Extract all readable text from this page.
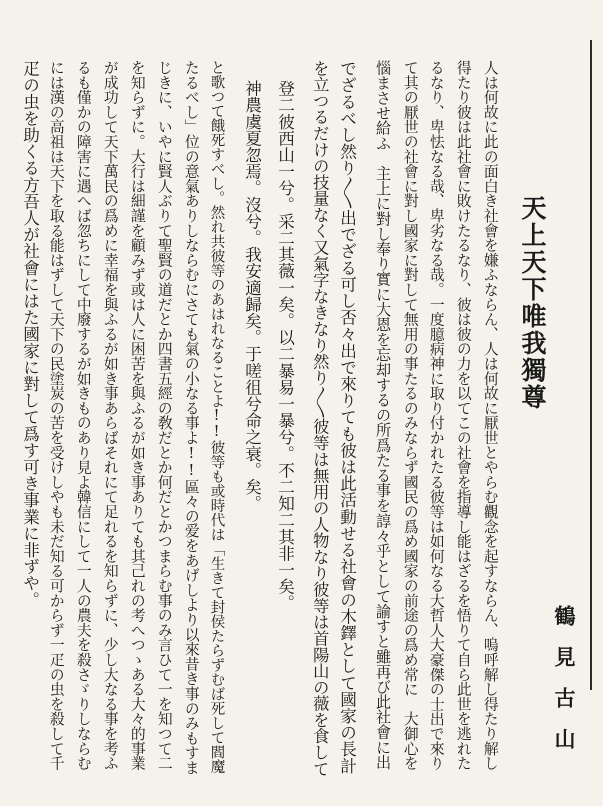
天上天下唯我獨尊
鶴見古山
人は何故に此の面白き社會を嫌ふならん、人は何故に厭世とやらむ觀念を起すならん、嗚呼解し得たり解し
得たり彼は此社會に敗けたるなり、彼は彼の力を以てこの社會を指導し能はざるを悟りて自ら此世を逃れた
るなり、卑怯なる哉、卑劣なる哉。一度臆病神に取り付かれたる彼等は如何なる大哲人大豪傑の士出で來り
て其の厭世の社會に對し國家に對して無用の事たるのみならず國民の爲め國家の前途の爲め常に　大御心を
惱まさせ給ふ　主上に對し奉り實に大恩を忘却するの所爲たる事を諄々乎として諭すと雖再び此社會に出
でざるべし然り〳〵出でざる可し否々出で來りても彼は此活動せる社會の木鐸として國家の長計
を立つるだけの技量なく又氣字なきなり然り〳〵彼等は無用の人物なり彼等は首陽山の薇を食して
登二彼西山一兮。采二其薇一矣。以二暴易一暴兮。不二知二其非一矣。
神農虞夏忽焉。沒兮。我安適歸矣。于嗟徂兮命之衰。矣。
と歌つて餓死すべし。然れ共彼等のあはれなることよ!!彼等も或時代は「生きて封侯たらずむば死して閻魔
たるべし」位の意氣ありしならむにさても氣の小なる事よ!!區々の爱をあげしより以來昔き事のみもすま
じきに、いやに賢人ぶりて聖賢の道だとか四書五經の敎だとか何だとかつまらむ事のみ言ひて一を知つて二
を知らずに。大行は細謹を顧みず或は人に困苦を與ふるが如き事ありても其己れの考へつゝある大々的事業
が成功して天下萬民の爲めに幸福を與ふるが如き事あらばそれにて足れるを知らずに、少し大なる事を考ふ
るも僅かの障害に遇へば忽ちにして中廢するが如きものあり見よ韓信にして一人の農夫を殺さゞりしならむ
には漢の高祖は天下を取る能はずして天下の民塗炭の苦を受けしやも未だ知る可からず一疋の虫を殺して千
疋の虫を助くる方吾人が社會にはた國家に對して爲す可き事業に非ずや。
